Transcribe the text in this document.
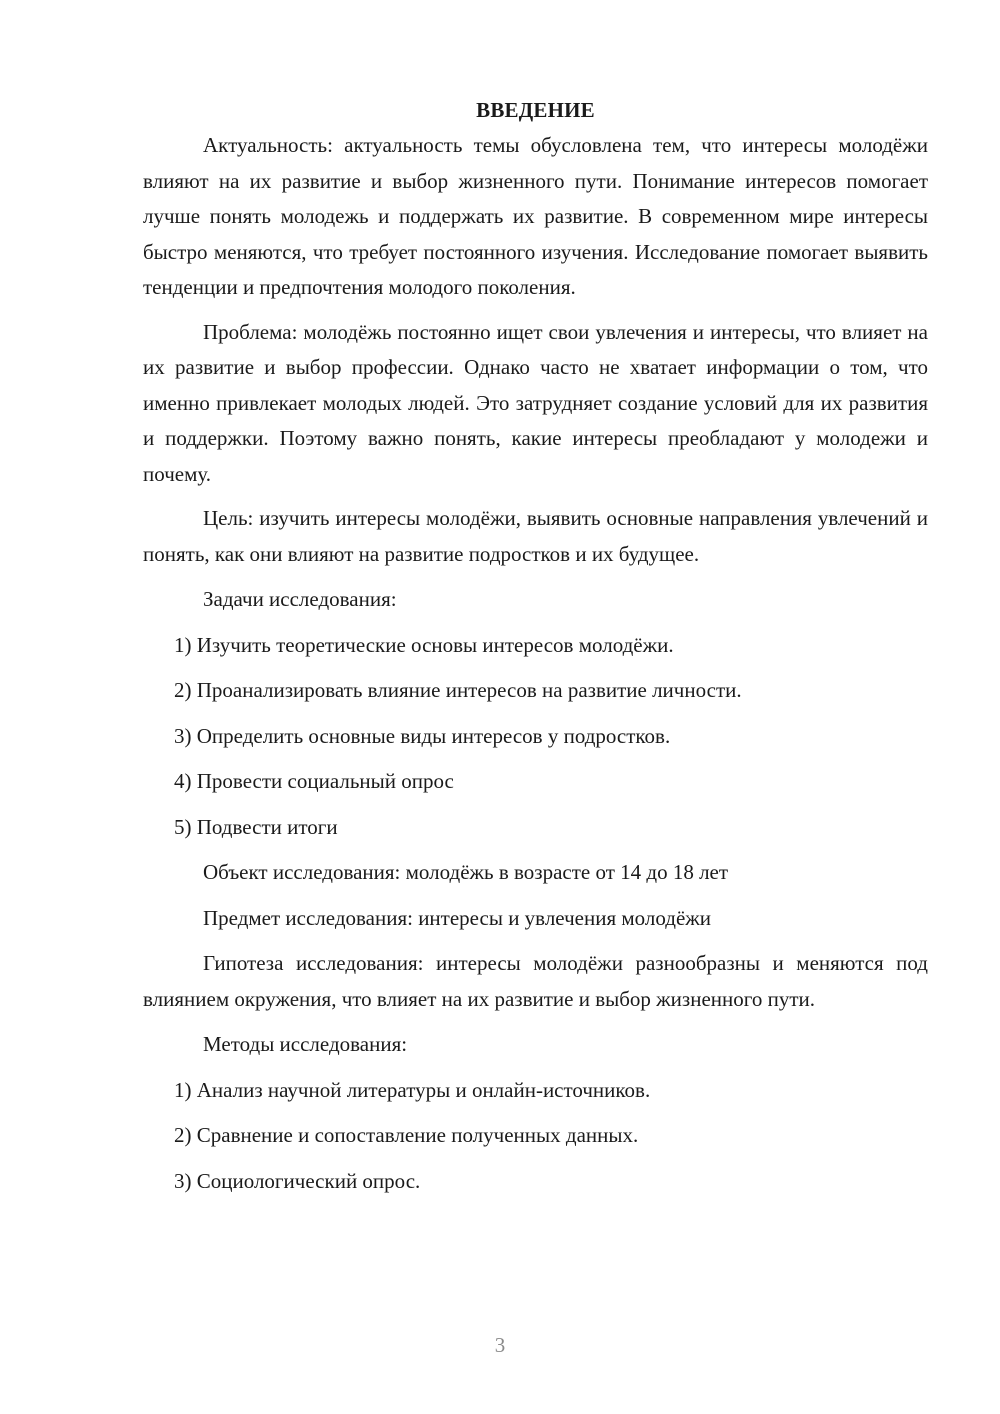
ВВЕДЕНИЕ

Актуальность: актуальность темы обусловлена тем, что интересы молодёжи влияют на их развитие и выбор жизненного пути. Понимание интересов помогает лучше понять молодежь и поддержать их развитие. В современном мире интересы быстро меняются, что требует постоянного изучения. Исследование помогает выявить тенденции и предпочтения молодого поколения.

Проблема: молодёжь постоянно ищет свои увлечения и интересы, что влияет на их развитие и выбор профессии. Однако часто не хватает информации о том, что именно привлекает молодых людей. Это затрудняет создание условий для их развития и поддержки. Поэтому важно понять, какие интересы преобладают у молодежи и почему.

Цель: изучить интересы молодёжи, выявить основные направления увлечений и понять, как они влияют на развитие подростков и их будущее.

Задачи исследования:

1) Изучить теоретические основы интересов молодёжи.

2) Проанализировать влияние интересов на развитие личности.

3) Определить основные виды интересов у подростков.

4) Провести социальный опрос

5) Подвести итоги

Объект исследования: молодёжь в возрасте от 14 до 18 лет

Предмет исследования: интересы и увлечения молодёжи

Гипотеза исследования: интересы молодёжи разнообразны и меняются под влиянием окружения, что влияет на их развитие и выбор жизненного пути.

Методы исследования:

1) Анализ научной литературы и онлайн-источников.

2) Сравнение и сопоставление полученных данных.

3) Социологический опрос.

3
